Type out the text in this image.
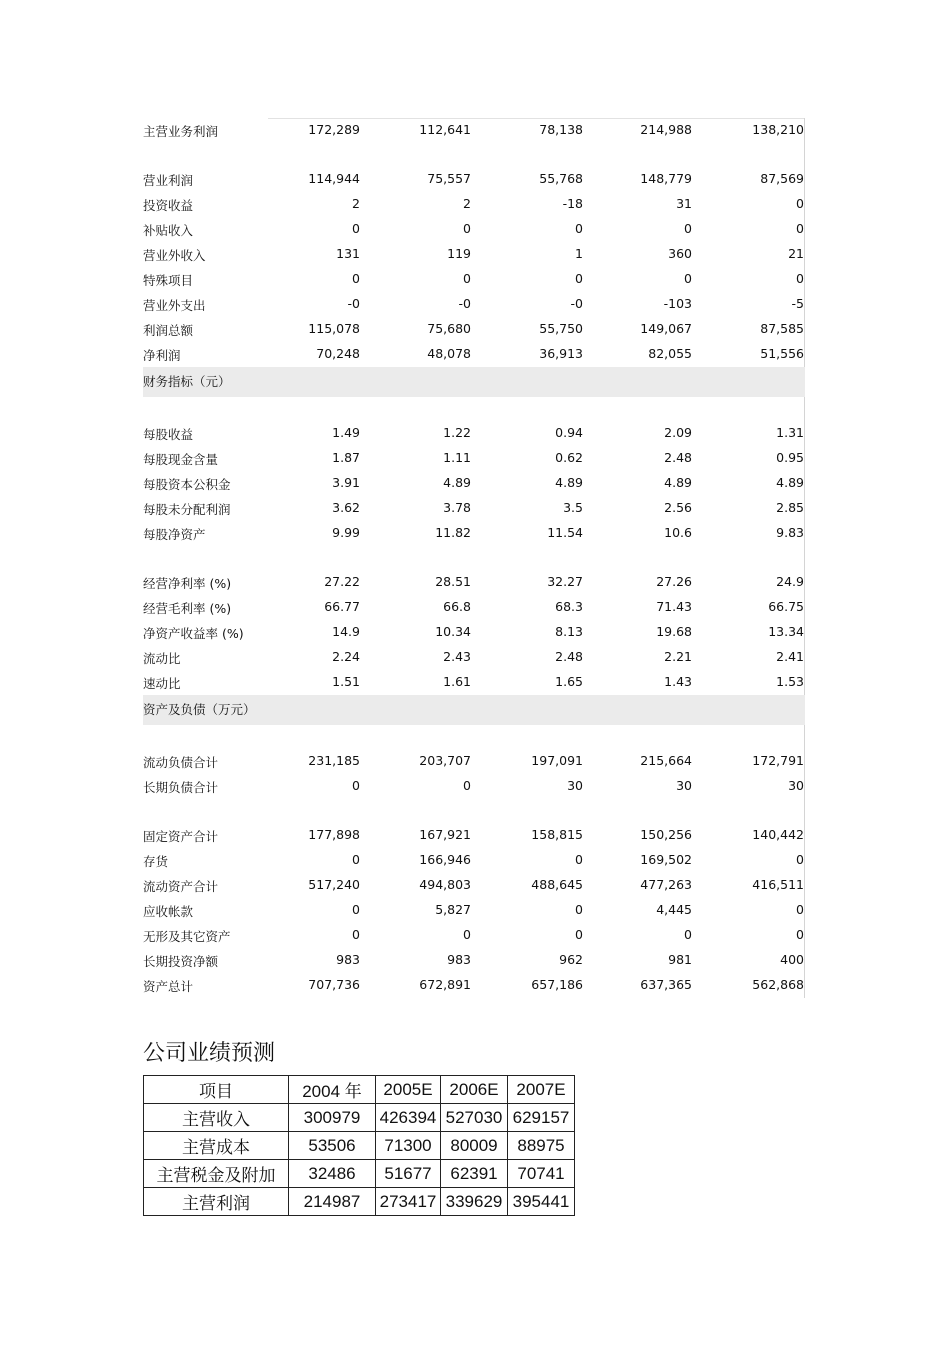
主营业务利润	172,289	112,641	78,138	214,988	138,210
营业利润	114,944	75,557	55,768	148,779	87,569
投资收益	2	2	-18	31	0
补贴收入	0	0	0	0	0
营业外收入	131	119	1	360	21
特殊项目	0	0	0	0	0
营业外支出	-0	-0	-0	-103	-5
利润总额	115,078	75,680	55,750	149,067	87,585
净利润	70,248	48,078	36,913	82,055	51,556
财务指标（元）
每股收益	1.49	1.22	0.94	2.09	1.31
每股现金含量	1.87	1.11	0.62	2.48	0.95
每股资本公积金	3.91	4.89	4.89	4.89	4.89
每股未分配利润	3.62	3.78	3.5	2.56	2.85
每股净资产	9.99	11.82	11.54	10.6	9.83
经营净利率 (%)	27.22	28.51	32.27	27.26	24.9
经营毛利率 (%)	66.77	66.8	68.3	71.43	66.75
净资产收益率 (%)	14.9	10.34	8.13	19.68	13.34
流动比	2.24	2.43	2.48	2.21	2.41
速动比	1.51	1.61	1.65	1.43	1.53
资产及负债（万元）
流动负债合计	231,185	203,707	197,091	215,664	172,791
长期负债合计	0	0	30	30	30
固定资产合计	177,898	167,921	158,815	150,256	140,442
存货	0	166,946	0	169,502	0
流动资产合计	517,240	494,803	488,645	477,263	416,511
应收帐款	0	5,827	0	4,445	0
无形及其它资产	0	0	0	0	0
长期投资净额	983	983	962	981	400
资产总计	707,736	672,891	657,186	637,365	562,868
公司业绩预测
项目	2004 年	2005E	2006E	2007E
主营收入	300979	426394	527030	629157
主营成本	53506	71300	80009	88975
主营税金及附加	32486	51677	62391	70741
主营利润	214987	273417	339629	395441
